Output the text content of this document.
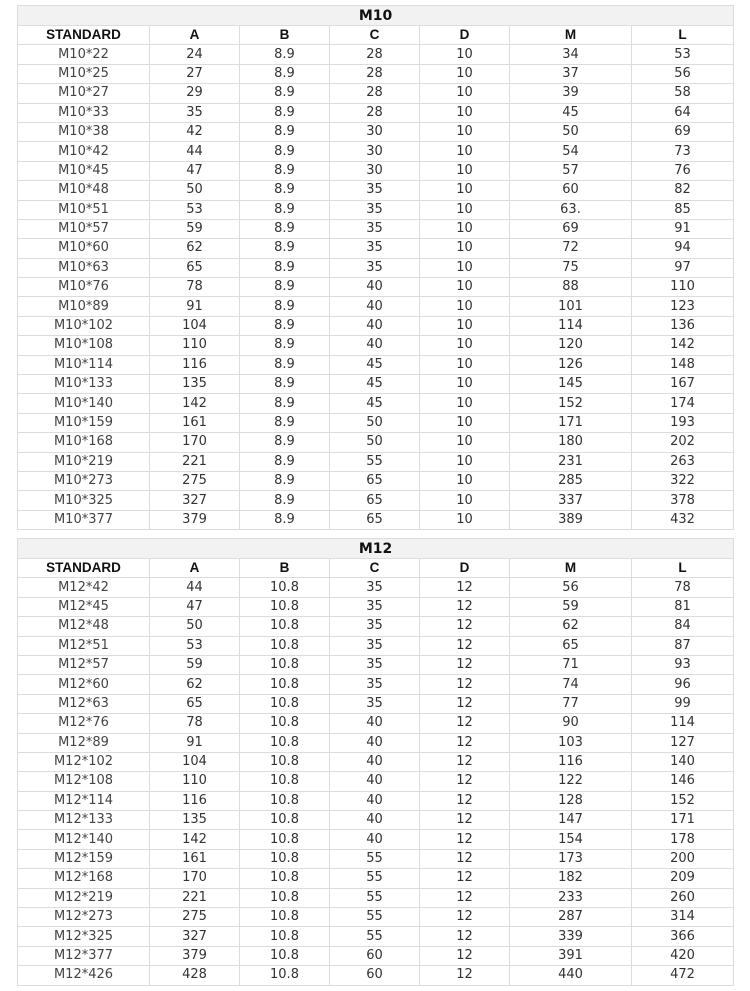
M10						
STANDARD	A	B	C	D	M	L
M10*22	24	8.9	28	10	34	53
M10*25	27	8.9	28	10	37	56
M10*27	29	8.9	28	10	39	58
M10*33	35	8.9	28	10	45	64
M10*38	42	8.9	30	10	50	69
M10*42	44	8.9	30	10	54	73
M10*45	47	8.9	30	10	57	76
M10*48	50	8.9	35	10	60	82
M10*51	53	8.9	35	10	63.	85
M10*57	59	8.9	35	10	69	91
M10*60	62	8.9	35	10	72	94
M10*63	65	8.9	35	10	75	97
M10*76	78	8.9	40	10	88	110
M10*89	91	8.9	40	10	101	123
M10*102	104	8.9	40	10	114	136
M10*108	110	8.9	40	10	120	142
M10*114	116	8.9	45	10	126	148
M10*133	135	8.9	45	10	145	167
M10*140	142	8.9	45	10	152	174
M10*159	161	8.9	50	10	171	193
M10*168	170	8.9	50	10	180	202
M10*219	221	8.9	55	10	231	263
M10*273	275	8.9	65	10	285	322
M10*325	327	8.9	65	10	337	378
M10*377	379	8.9	65	10	389	432
M12						
STANDARD	A	B	C	D	M	L
M12*42	44	10.8	35	12	56	78
M12*45	47	10.8	35	12	59	81
M12*48	50	10.8	35	12	62	84
M12*51	53	10.8	35	12	65	87
M12*57	59	10.8	35	12	71	93
M12*60	62	10.8	35	12	74	96
M12*63	65	10.8	35	12	77	99
M12*76	78	10.8	40	12	90	114
M12*89	91	10.8	40	12	103	127
M12*102	104	10.8	40	12	116	140
M12*108	110	10.8	40	12	122	146
M12*114	116	10.8	40	12	128	152
M12*133	135	10.8	40	12	147	171
M12*140	142	10.8	40	12	154	178
M12*159	161	10.8	55	12	173	200
M12*168	170	10.8	55	12	182	209
M12*219	221	10.8	55	12	233	260
M12*273	275	10.8	55	12	287	314
M12*325	327	10.8	55	12	339	366
M12*377	379	10.8	60	12	391	420
M12*426	428	10.8	60	12	440	472
